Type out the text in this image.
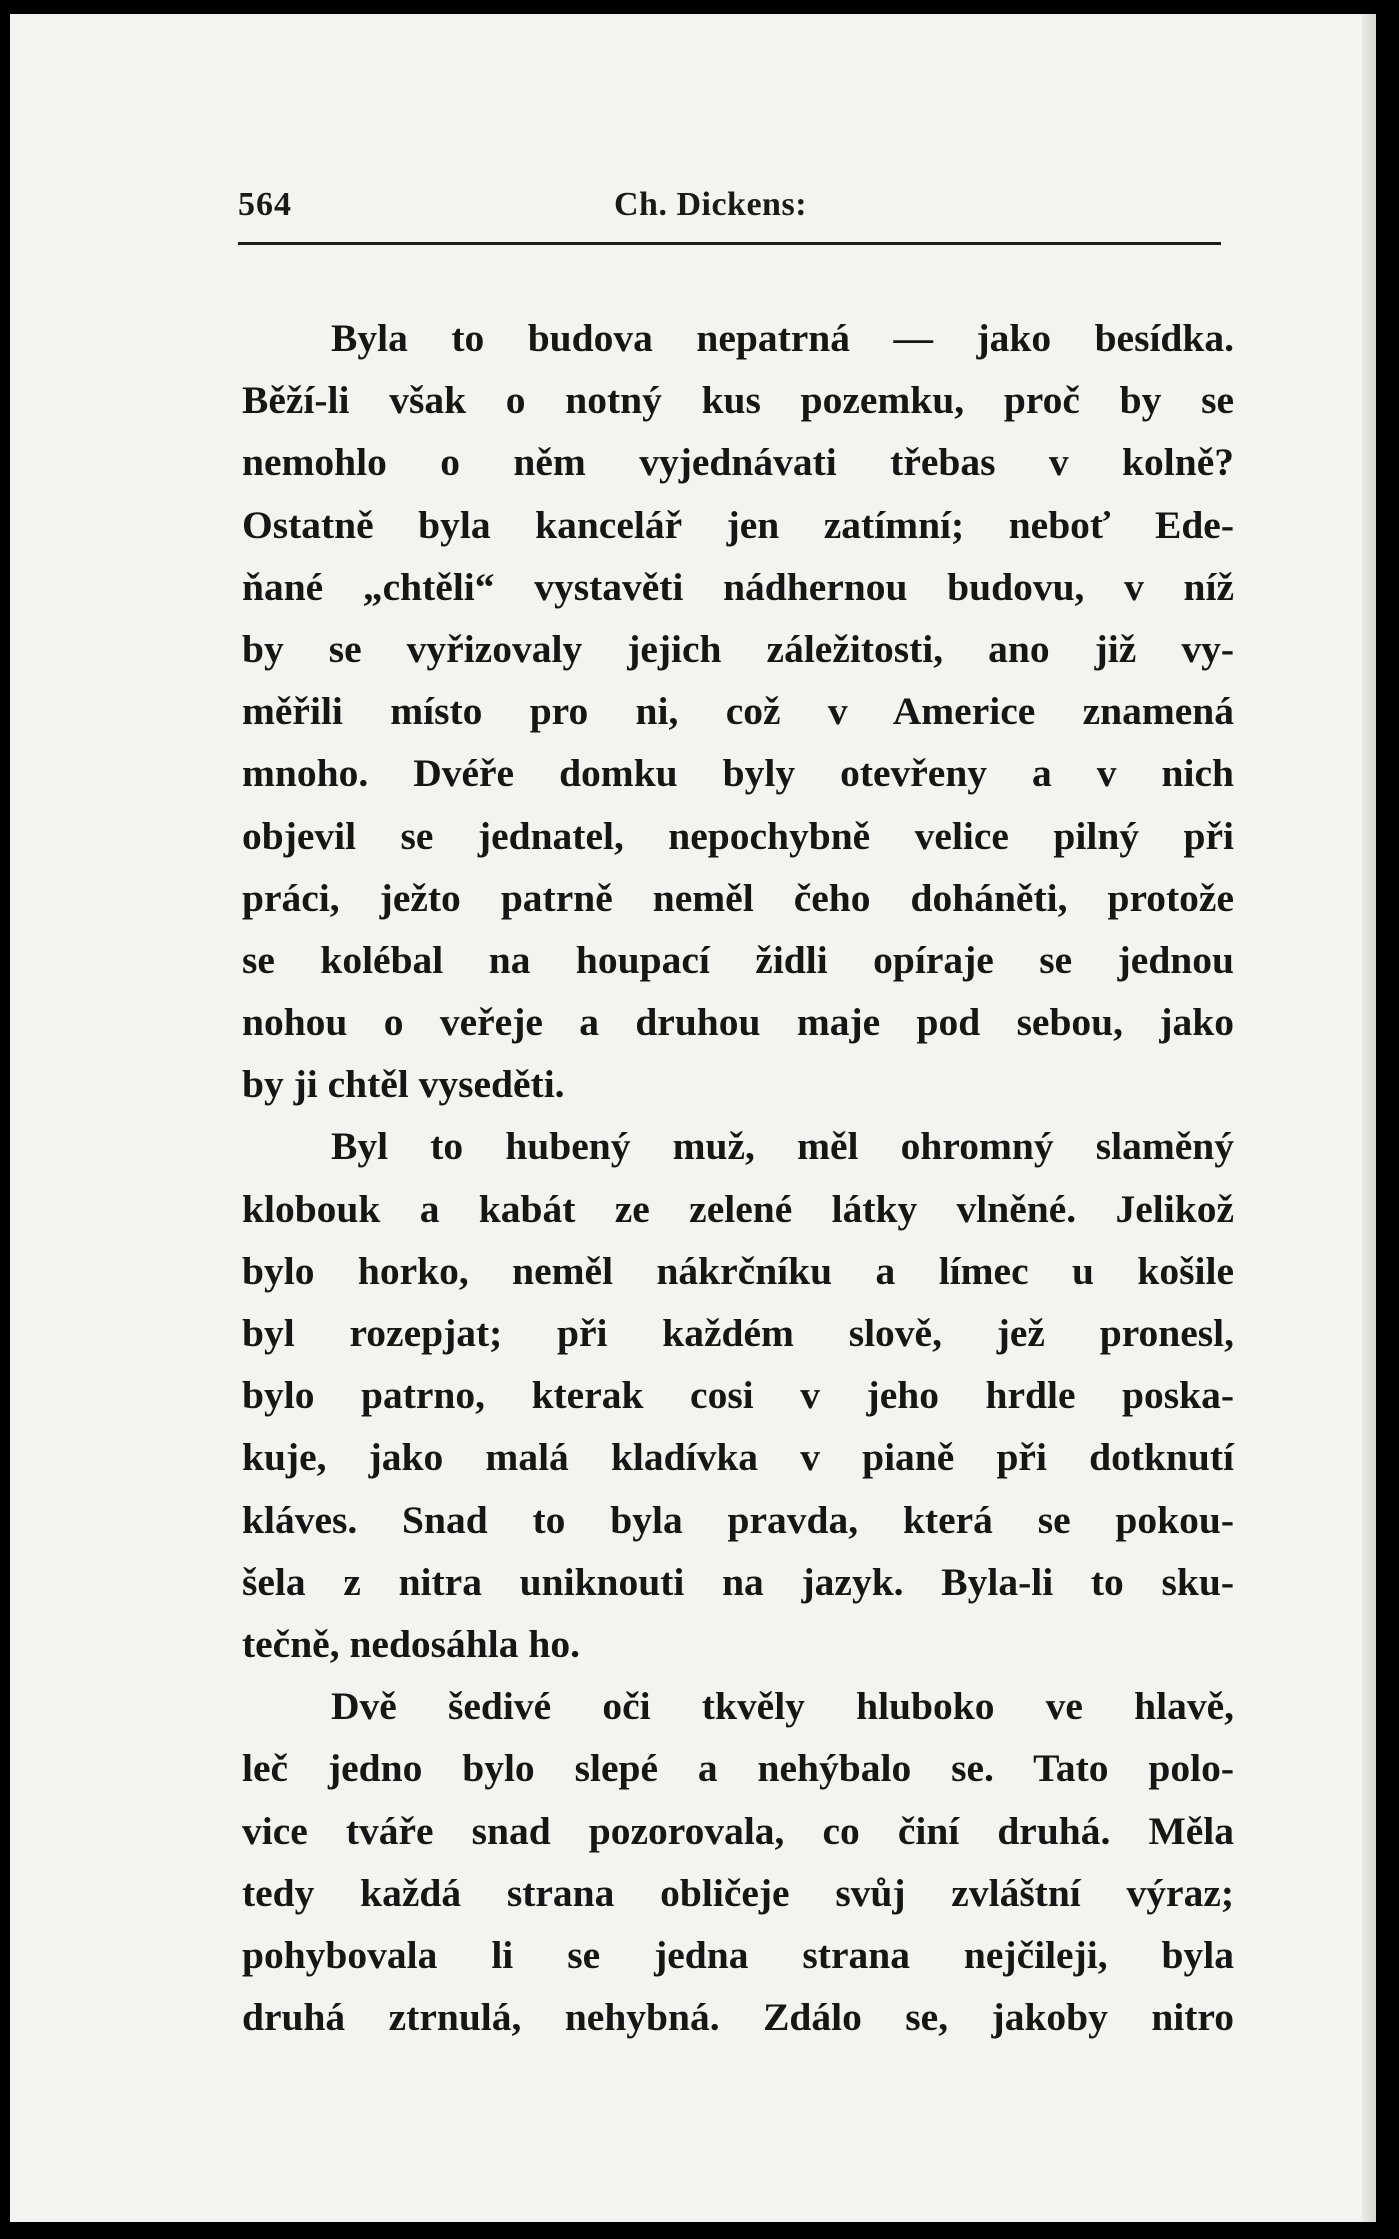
564	Ch. Dickens:
Byla to budova nepatrná — jako besídka.
Běží-li však o notný kus pozemku, proč by se
nemohlo o něm vyjednávati třebas v kolně?
Ostatně byla kancelář jen zatímní; neboť Ede-
ňané „chtěli“ vystavěti nádhernou budovu, v níž
by se vyřizovaly jejich záležitosti, ano již vy-
měřili místo pro ni, což v Americe znamená
mnoho. Dvéře domku byly otevřeny a v nich
objevil se jednatel, nepochybně velice pilný při
práci, ježto patrně neměl čeho doháněti, protože
se kolébal na houpací židli opíraje se jednou
nohou o veřeje a druhou maje pod sebou, jako
by ji chtěl vyseděti.
Byl to hubený muž, měl ohromný slaměný
klobouk a kabát ze zelené látky vlněné. Jelikož
bylo horko, neměl nákrčníku a límec u košile
byl rozepjat; při každém slově, jež pronesl,
bylo patrno, kterak cosi v jeho hrdle poska-
kuje, jako malá kladívka v pianě při dotknutí
kláves. Snad to byla pravda, která se pokou-
šela z nitra uniknouti na jazyk. Byla-li to sku-
tečně, nedosáhla ho.
Dvě šedivé oči tkvěly hluboko ve hlavě,
leč jedno bylo slepé a nehýbalo se. Tato polo-
vice tváře snad pozorovala, co činí druhá. Měla
tedy každá strana obličeje svůj zvláštní výraz;
pohybovala li se jedna strana nejčileji, byla
druhá ztrnulá, nehybná. Zdálo se, jakoby nitro
